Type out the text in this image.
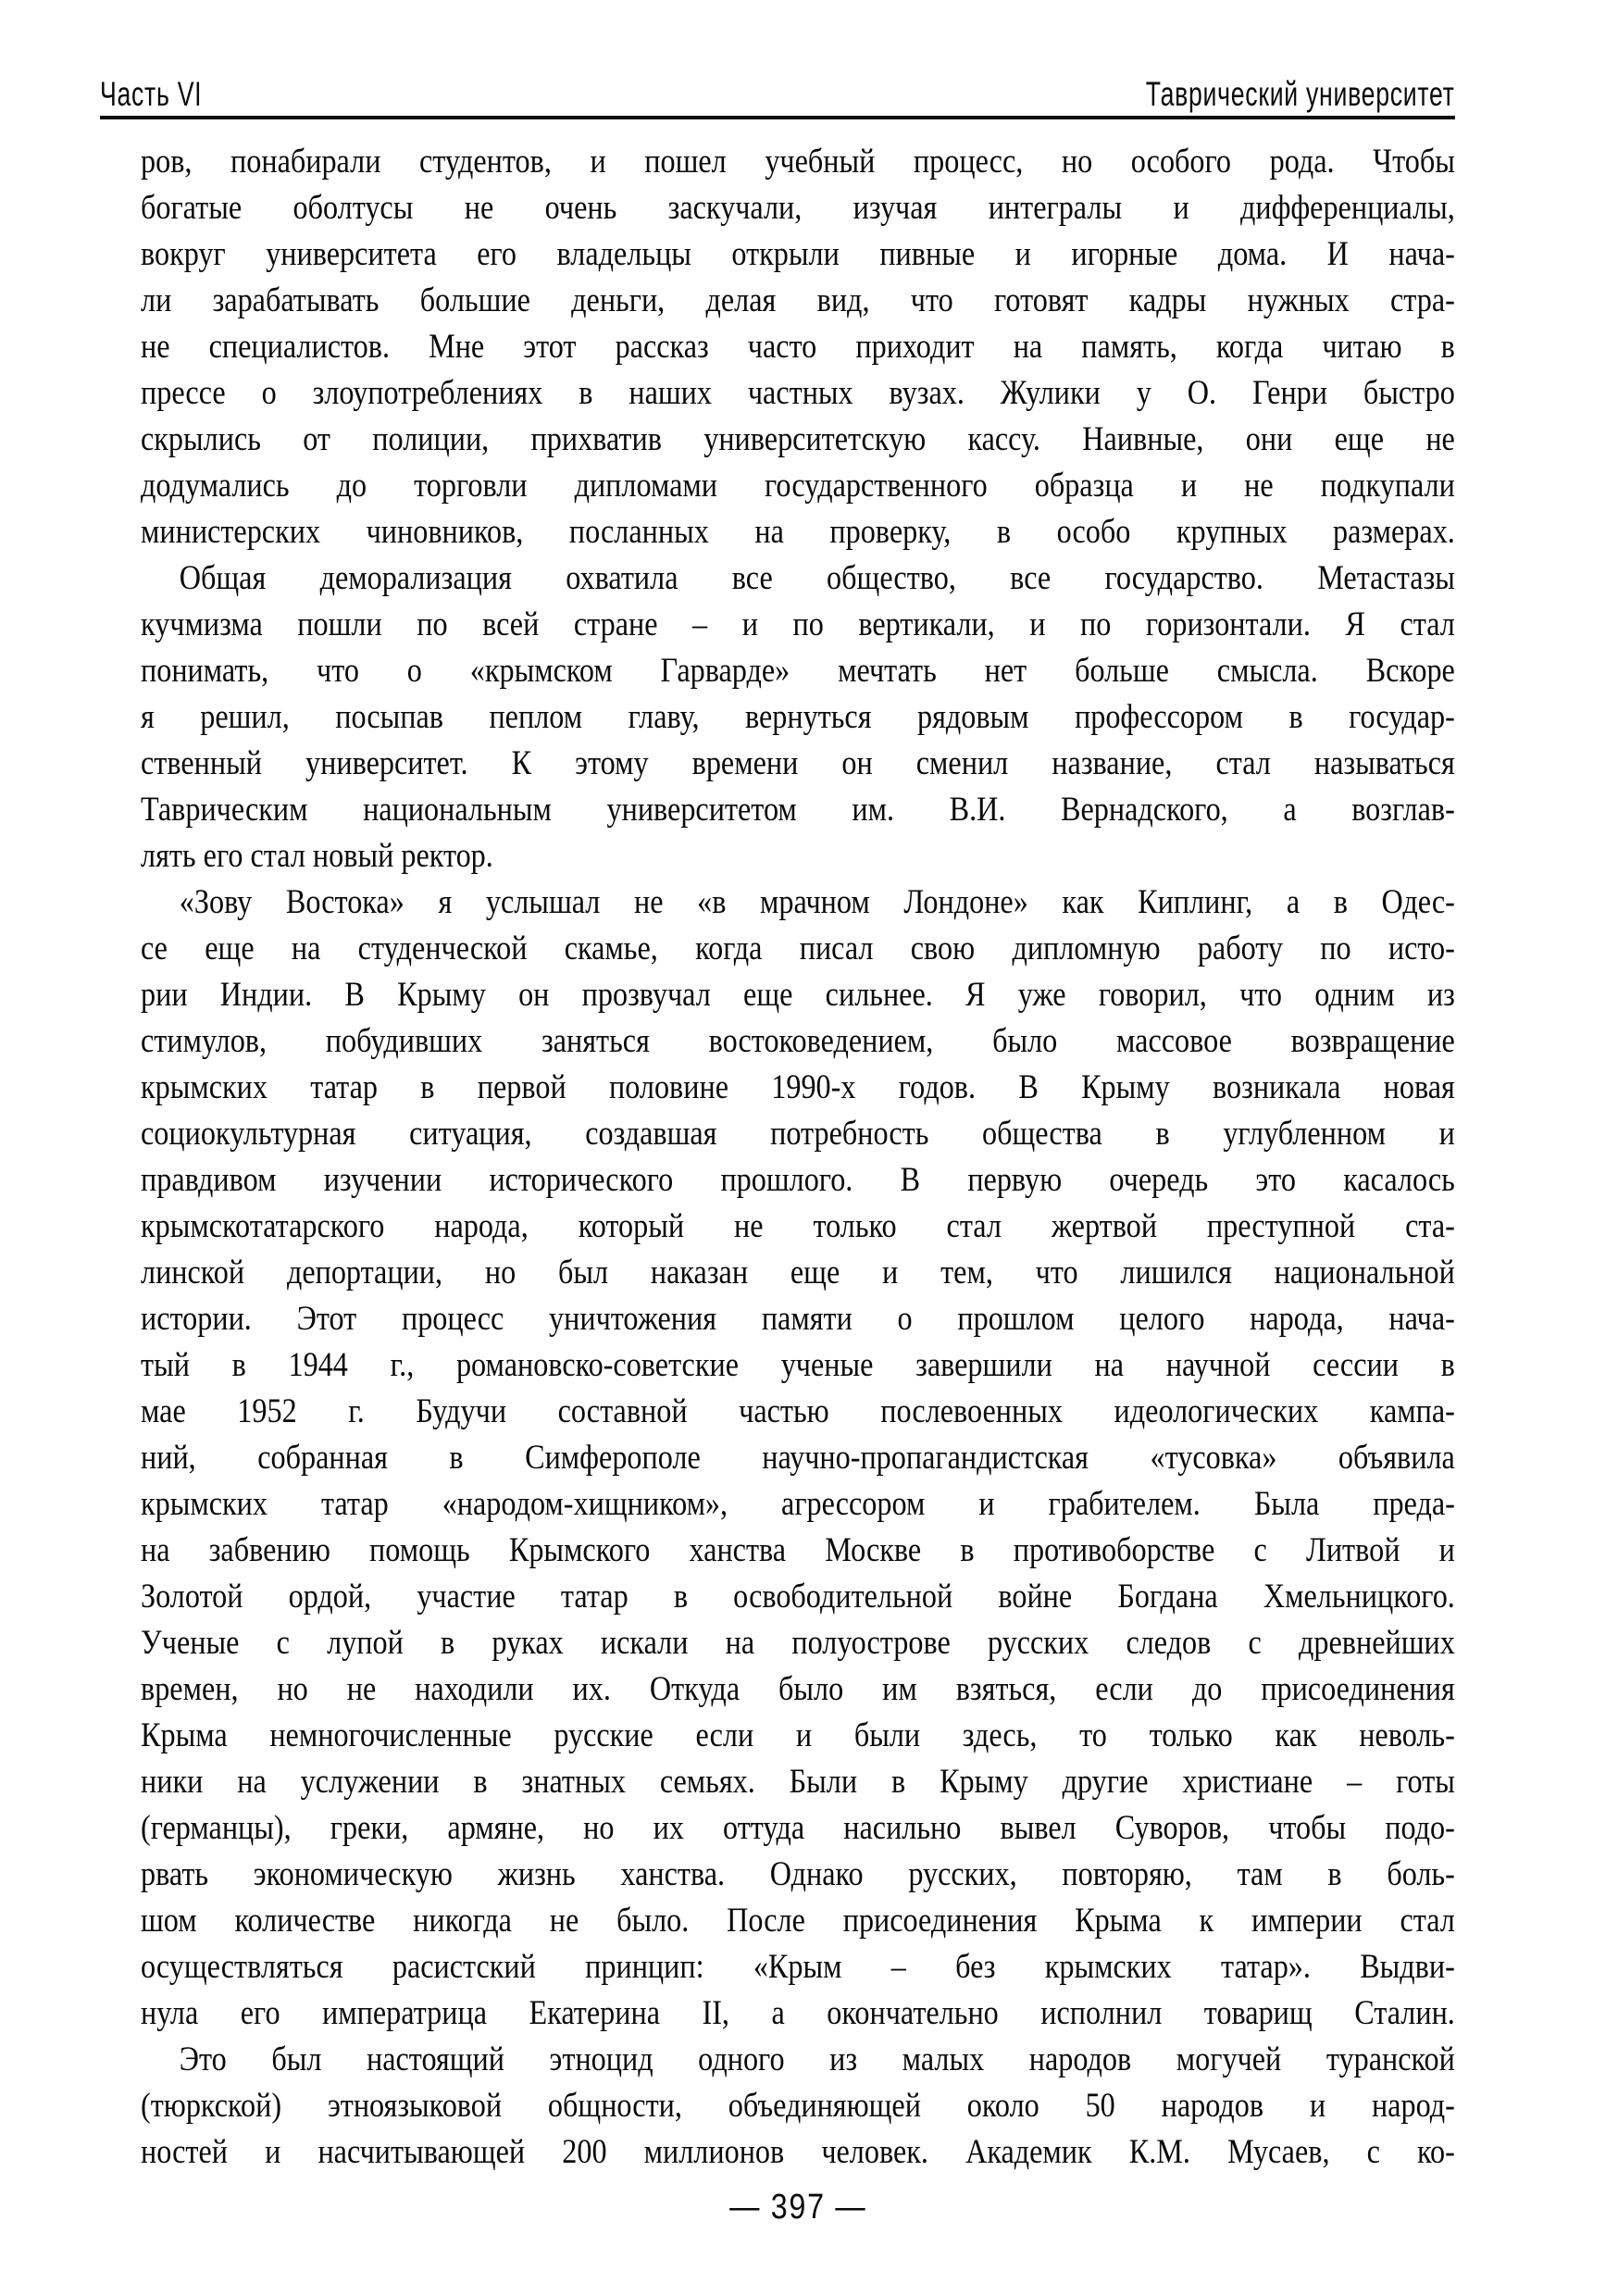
Часть VI	Таврический университет
ров, понабирали студентов, и пошел учебный процесс, но особого рода. Чтобы
богатые оболтусы не очень заскучали, изучая интегралы и дифференциалы,
вокруг университета его владельцы открыли пивные и игорные дома. И нача-
ли зарабатывать большие деньги, делая вид, что готовят кадры нужных стра-
не специалистов. Мне этот рассказ часто приходит на память, когда читаю в
прессе о злоупотреблениях в наших частных вузах. Жулики у О. Генри быстро
скрылись от полиции, прихватив университетскую кассу. Наивные, они еще не
додумались до торговли дипломами государственного образца и не подкупали
министерских чиновников, посланных на проверку, в особо крупных размерах.
Общая деморализация охватила все общество, все государство. Метастазы
кучмизма пошли по всей стране – и по вертикали, и по горизонтали. Я стал
понимать, что о «крымском Гарварде» мечтать нет больше смысла. Вскоре
я решил, посыпав пеплом главу, вернуться рядовым профессором в государ-
ственный университет. К этому времени он сменил название, стал называться
Таврическим национальным университетом им. В.И. Вернадского, а возглав-
лять его стал новый ректор.
«Зову Востока» я услышал не «в мрачном Лондоне» как Киплинг, а в Одес-
се еще на студенческой скамье, когда писал свою дипломную работу по исто-
рии Индии. В Крыму он прозвучал еще сильнее. Я уже говорил, что одним из
стимулов, побудивших заняться востоковедением, было массовое возвращение
крымских татар в первой половине 1990-х годов. В Крыму возникала новая
социокультурная ситуация, создавшая потребность общества в углубленном и
правдивом изучении исторического прошлого. В первую очередь это касалось
крымскотатарского народа, который не только стал жертвой преступной ста-
линской депортации, но был наказан еще и тем, что лишился национальной
истории. Этот процесс уничтожения памяти о прошлом целого народа, нача-
тый в 1944 г., романовско-советские ученые завершили на научной сессии в
мае 1952 г. Будучи составной частью послевоенных идеологических кампа-
ний, собранная в Симферополе научно-пропагандистская «тусовка» объявила
крымских татар «народом-хищником», агрессором и грабителем. Была преда-
на забвению помощь Крымского ханства Москве в противоборстве с Литвой и
Золотой ордой, участие татар в освободительной войне Богдана Хмельницкого.
Ученые с лупой в руках искали на полуострове русских следов с древнейших
времен, но не находили их. Откуда было им взяться, если до присоединения
Крыма немногочисленные русские если и были здесь, то только как неволь-
ники на услужении в знатных семьях. Были в Крыму другие христиане – готы
(германцы), греки, армяне, но их оттуда насильно вывел Суворов, чтобы подо-
рвать экономическую жизнь ханства. Однако русских, повторяю, там в боль-
шом количестве никогда не было. После присоединения Крыма к империи стал
осуществляться расистский принцип: «Крым – без крымских татар». Выдви-
нула его императрица Екатерина II, а окончательно исполнил товарищ Сталин.
Это был настоящий этноцид одного из малых народов могучей туранской
(тюркской) этноязыковой общности, объединяющей около 50 народов и народ-
ностей и насчитывающей 200 миллионов человек. Академик К.М. Мусаев, с ко-
— 397 —
